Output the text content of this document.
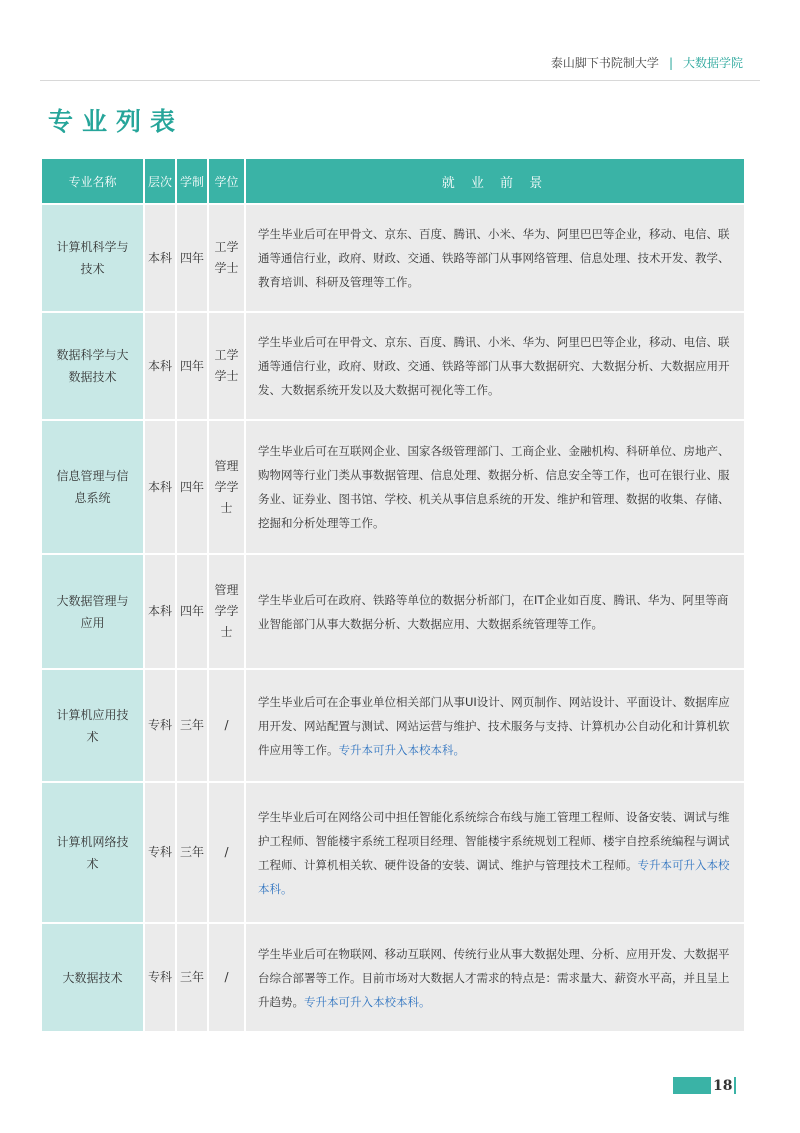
泰山脚下书院制大学 | 大数据学院
专业列表
专业名称	层次	学制	学位	就 业 前 景
计算机科学与技术	本科	四年	工学学士	学生毕业后可在甲骨文、京东、百度、腾讯、小米、华为、阿里巴巴等企业，移动、电信、联通等通信行业，政府、财政、交通、铁路等部门从事网络管理、信息处理、技术开发、教学、教育培训、科研及管理等工作。
数据科学与大数据技术	本科	四年	工学学士	学生毕业后可在甲骨文、京东、百度、腾讯、小米、华为、阿里巴巴等企业，移动、电信、联通等通信行业，政府、财政、交通、铁路等部门从事大数据研究、大数据分析、大数据应用开发、大数据系统开发以及大数据可视化等工作。
信息管理与信息系统	本科	四年	管理学学士	学生毕业后可在互联网企业、国家各级管理部门、工商企业、金融机构、科研单位、房地产、购物网等行业门类从事数据管理、信息处理、数据分析、信息安全等工作，也可在银行业、服务业、证券业、图书馆、学校、机关从事信息系统的开发、维护和管理、数据的收集、存储、挖掘和分析处理等工作。
大数据管理与应用	本科	四年	管理学学士	学生毕业后可在政府、铁路等单位的数据分析部门，在IT企业如百度、腾讯、华为、阿里等商业智能部门从事大数据分析、大数据应用、大数据系统管理等工作。
计算机应用技术	专科	三年	/	学生毕业后可在企事业单位相关部门从事UI设计、网页制作、网站设计、平面设计、数据库应用开发、网站配置与测试、网站运营与维护、技术服务与支持、计算机办公自动化和计算机软件应用等工作。专升本可升入本校本科。
计算机网络技术	专科	三年	/	学生毕业后可在网络公司中担任智能化系统综合布线与施工管理工程师、设备安装、调试与维护工程师、智能楼宇系统工程项目经理、智能楼宇系统规划工程师、楼宇自控系统编程与调试工程师、计算机相关软、硬件设备的安装、调试、维护与管理技术工程师。专升本可升入本校本科。
大数据技术	专科	三年	/	学生毕业后可在物联网、移动互联网、传统行业从事大数据处理、分析、应用开发、大数据平台综合部署等工作。目前市场对大数据人才需求的特点是：需求量大、薪资水平高，并且呈上升趋势。专升本可升入本校本科。
18
